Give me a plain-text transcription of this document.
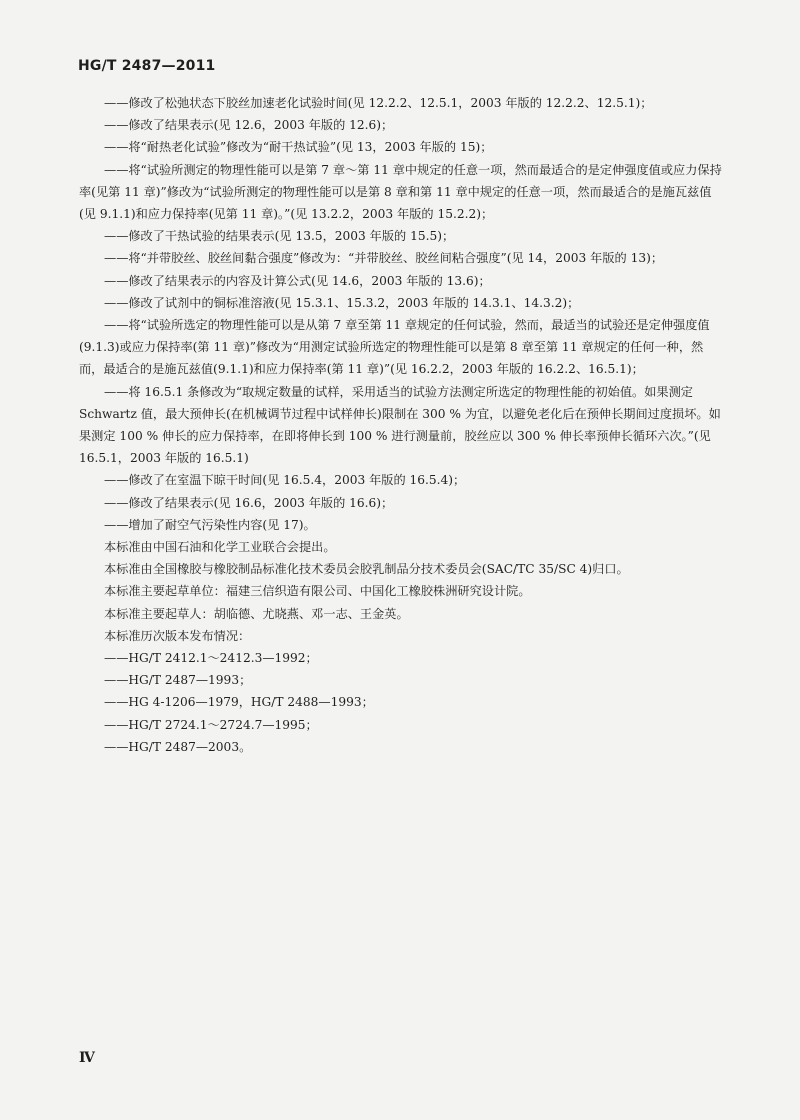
HG/T 2487—2011
——修改了松弛状态下胶丝加速老化试验时间(见 12.2.2、12.5.1，2003 年版的 12.2.2、12.5.1)；
——修改了结果表示(见 12.6，2003 年版的 12.6)；
——将“耐热老化试验”修改为“耐干热试验”(见 13，2003 年版的 15)；
——将“试验所测定的物理性能可以是第 7 章～第 11 章中规定的任意一项，然而最适合的是定伸强度值或应力保持率(见第 11 章)”修改为“试验所测定的物理性能可以是第 8 章和第 11 章中规定的任意一项，然而最适合的是施瓦兹值(见 9.1.1)和应力保持率(见第 11 章)。”(见 13.2.2，2003 年版的 15.2.2)；
——修改了干热试验的结果表示(见 13.5，2003 年版的 15.5)；
——将“并带胶丝、胶丝间黏合强度”修改为：“并带胶丝、胶丝间粘合强度”(见 14，2003 年版的 13)；
——修改了结果表示的内容及计算公式(见 14.6，2003 年版的 13.6)；
——修改了试剂中的铜标准溶液(见 15.3.1、15.3.2，2003 年版的 14.3.1、14.3.2)；
——将“试验所选定的物理性能可以是从第 7 章至第 11 章规定的任何试验，然而，最适当的试验还是定伸强度值(9.1.3)或应力保持率(第 11 章)”修改为“用测定试验所选定的物理性能可以是第 8 章至第 11 章规定的任何一种，然而，最适合的是施瓦兹值(9.1.1)和应力保持率(第 11 章)”(见 16.2.2，2003 年版的 16.2.2、16.5.1)；
——将 16.5.1 条修改为“取规定数量的试样，采用适当的试验方法测定所选定的物理性能的初始值。如果测定 Schwartz 值，最大预伸长(在机械调节过程中试样伸长)限制在 300 % 为宜，以避免老化后在预伸长期间过度损坏。如果测定 100 % 伸长的应力保持率，在即将伸长到 100 % 进行测量前，胶丝应以 300 % 伸长率预伸长循环六次。”(见 16.5.1，2003 年版的 16.5.1)
——修改了在室温下晾干时间(见 16.5.4，2003 年版的 16.5.4)；
——修改了结果表示(见 16.6，2003 年版的 16.6)；
——增加了耐空气污染性内容(见 17)。
本标准由中国石油和化学工业联合会提出。
本标准由全国橡胶与橡胶制品标准化技术委员会胶乳制品分技术委员会(SAC/TC 35/SC 4)归口。
本标准主要起草单位：福建三信织造有限公司、中国化工橡胶株洲研究设计院。
本标准主要起草人：胡临德、尤晓燕、邓一志、王金英。
本标准历次版本发布情况：
——HG/T 2412.1～2412.3—1992；
——HG/T 2487—1993；
——HG 4-1206—1979，HG/T 2488—1993；
——HG/T 2724.1～2724.7—1995；
——HG/T 2487—2003。
Ⅳ
